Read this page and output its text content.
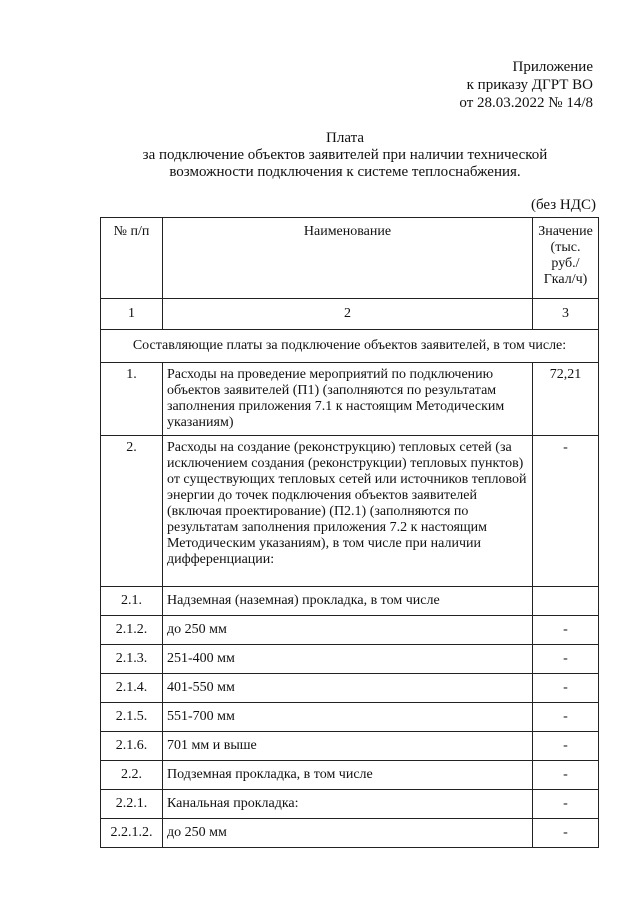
Приложение
к приказу ДГРТ ВО
от 28.03.2022 № 14/8
Плата
за подключение объектов заявителей при наличии технической
возможности подключения к системе теплоснабжения.
(без НДС)
№ п/п	Наименование	Значение (тыс. руб./Гкал/ч)
1	2	3
Составляющие платы за подключение объектов заявителей, в том числе:		
1.	Расходы на проведение мероприятий по подключению объектов заявителей (П1) (заполняются по результатам заполнения приложения 7.1 к настоящим Методическим указаниям)	72,21
2.	Расходы на создание (реконструкцию) тепловых сетей (за исключением создания (реконструкции) тепловых пунктов) от существующих тепловых сетей или источников тепловой энергии до точек подключения объектов заявителей (включая проектирование) (П2.1) (заполняются по результатам заполнения приложения 7.2 к настоящим Методическим указаниям), в том числе при наличии дифференциации:	-
2.1.	Надземная (наземная) прокладка, в том числе	
2.1.2.	до 250 мм	-
2.1.3.	251-400 мм	-
2.1.4.	401-550 мм	-
2.1.5.	551-700 мм	-
2.1.6.	701 мм и выше	-
2.2.	Подземная прокладка, в том числе	-
2.2.1.	Канальная прокладка:	-
2.2.1.2.	до 250 мм	-
